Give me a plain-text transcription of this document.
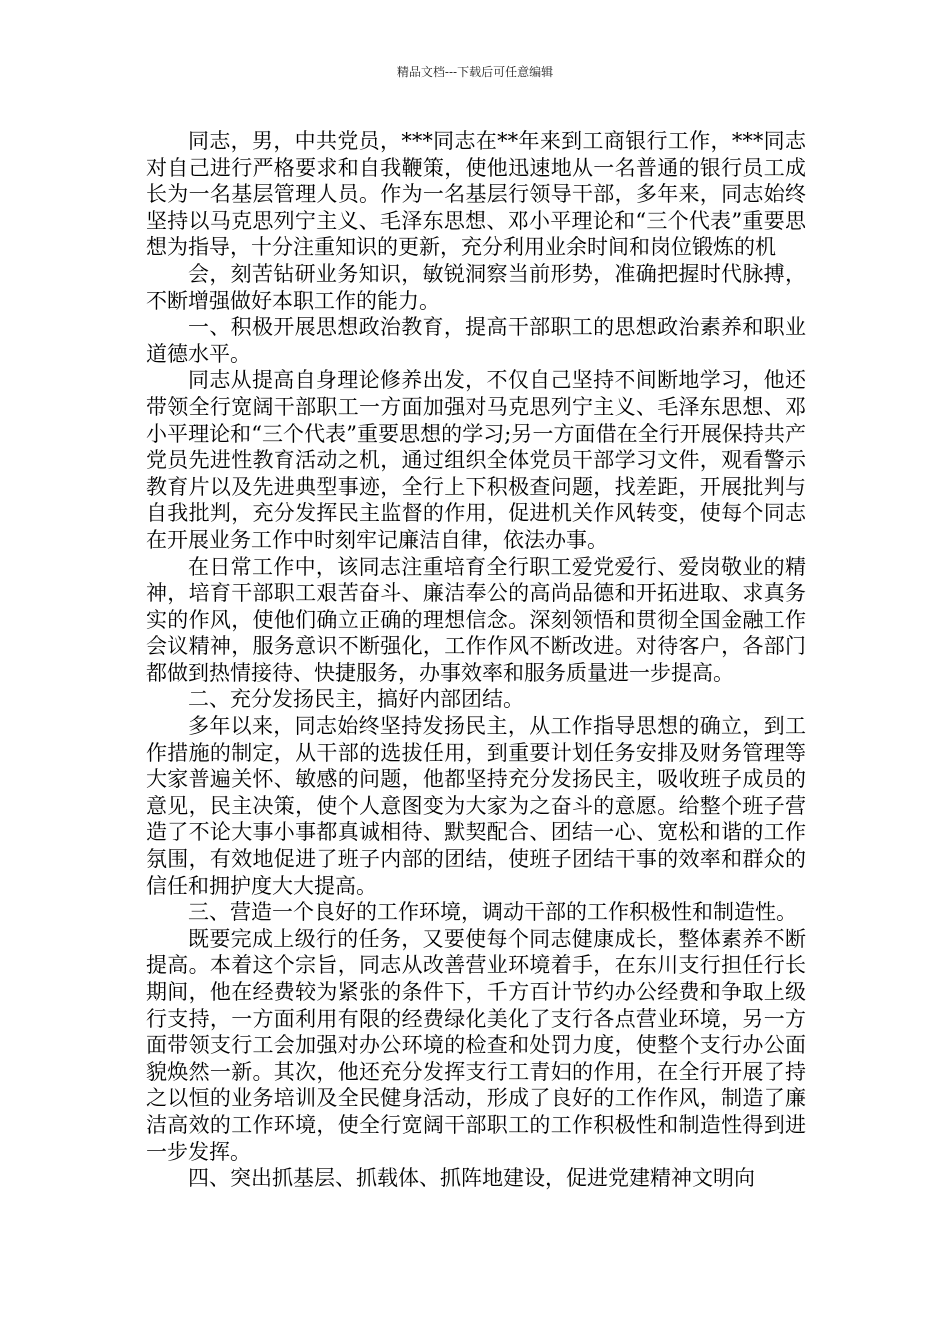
精品文档---下载后可任意编辑

同志，男，中共党员，***同志在**年来到工商银行工作，***同志对自己进行严格要求和自我鞭策，使他迅速地从一名普通的银行员工成长为一名基层管理人员。作为一名基层行领导干部，多年来，同志始终坚持以马克思列宁主义、毛泽东思想、邓小平理论和“三个代表”重要思想为指导，十分注重知识的更新，充分利用业余时间和岗位锻炼的机

会，刻苦钻研业务知识，敏锐洞察当前形势，准确把握时代脉搏，不断增强做好本职工作的能力。

一、积极开展思想政治教育，提高干部职工的思想政治素养和职业道德水平。

同志从提高自身理论修养出发，不仅自己坚持不间断地学习，他还带领全行宽阔干部职工一方面加强对马克思列宁主义、毛泽东思想、邓小平理论和“三个代表”重要思想的学习;另一方面借在全行开展保持共产党员先进性教育活动之机，通过组织全体党员干部学习文件，观看警示教育片以及先进典型事迹，全行上下积极查问题，找差距，开展批判与自我批判，充分发挥民主监督的作用，促进机关作风转变，使每个同志在开展业务工作中时刻牢记廉洁自律，依法办事。

在日常工作中，该同志注重培育全行职工爱党爱行、爱岗敬业的精神，培育干部职工艰苦奋斗、廉洁奉公的高尚品德和开拓进取、求真务实的作风，使他们确立正确的理想信念。深刻领悟和贯彻全国金融工作会议精神，服务意识不断强化，工作作风不断改进。对待客户，各部门都做到热情接待、快捷服务，办事效率和服务质量进一步提高。

二、充分发扬民主，搞好内部团结。

多年以来，同志始终坚持发扬民主，从工作指导思想的确立，到工作措施的制定，从干部的选拔任用，到重要计划任务安排及财务管理等大家普遍关怀、敏感的问题，他都坚持充分发扬民主，吸收班子成员的意见，民主决策，使个人意图变为大家为之奋斗的意愿。给整个班子营造了不论大事小事都真诚相待、默契配合、团结一心、宽松和谐的工作氛围，有效地促进了班子内部的团结，使班子团结干事的效率和群众的信任和拥护度大大提高。

三、营造一个良好的工作环境，调动干部的工作积极性和制造性。

既要完成上级行的任务，又要使每个同志健康成长，整体素养不断提高。本着这个宗旨，同志从改善营业环境着手，在东川支行担任行长期间，他在经费较为紧张的条件下，千方百计节约办公经费和争取上级行支持，一方面利用有限的经费绿化美化了支行各点营业环境，另一方面带领支行工会加强对办公环境的检查和处罚力度，使整个支行办公面貌焕然一新。其次，他还充分发挥支行工青妇的作用，在全行开展了持之以恒的业务培训及全民健身活动，形成了良好的工作作风，制造了廉洁高效的工作环境，使全行宽阔干部职工的工作积极性和制造性得到进一步发挥。

四、突出抓基层、抓载体、抓阵地建设，促进党建精神文明向
